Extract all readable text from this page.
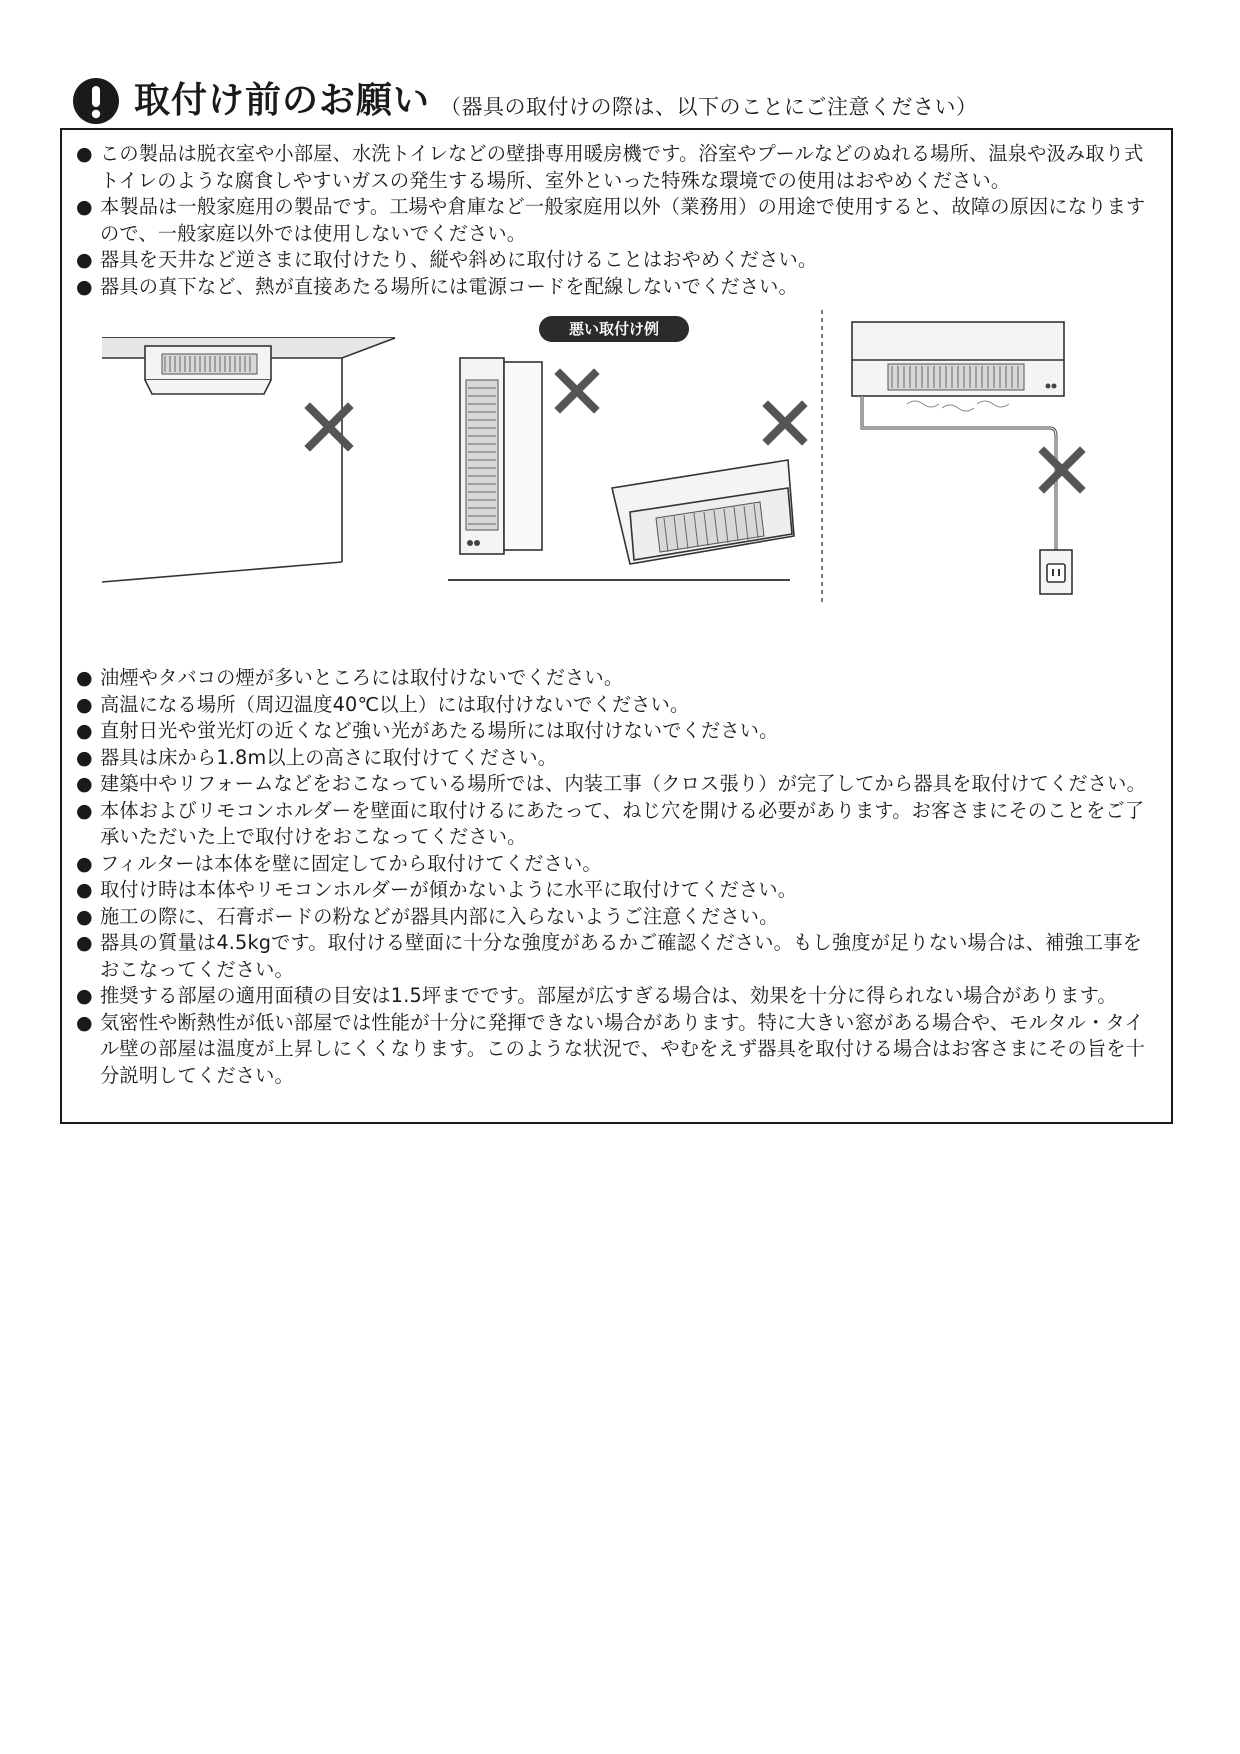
取付け前のお願い （器具の取付けの際は、以下のことにご注意ください）
● この製品は脱衣室や小部屋、水洗トイレなどの壁掛専用暖房機です。浴室やプールなどのぬれる場所、温泉や汲み取り式トイレのような腐食しやすいガスの発生する場所、室外といった特殊な環境での使用はおやめください。
● 本製品は一般家庭用の製品です。工場や倉庫など一般家庭用以外（業務用）の用途で使用すると、故障の原因になりますので、一般家庭以外では使用しないでください。
● 器具を天井など逆さまに取付けたり、縦や斜めに取付けることはおやめください。
● 器具の真下など、熱が直接あたる場所には電源コードを配線しないでください。
悪い取付け例
● 油煙やタバコの煙が多いところには取付けないでください。
● 高温になる場所（周辺温度40℃以上）には取付けないでください。
● 直射日光や蛍光灯の近くなど強い光があたる場所には取付けないでください。
● 器具は床から1.8m以上の高さに取付けてください。
● 建築中やリフォームなどをおこなっている場所では、内装工事（クロス張り）が完了してから器具を取付けてください。
● 本体およびリモコンホルダーを壁面に取付けるにあたって、ねじ穴を開ける必要があります。お客さまにそのことをご了承いただいた上で取付けをおこなってください。
● フィルターは本体を壁に固定してから取付けてください。
● 取付け時は本体やリモコンホルダーが傾かないように水平に取付けてください。
● 施工の際に、石膏ボードの粉などが器具内部に入らないようご注意ください。
● 器具の質量は4.5kgです。取付ける壁面に十分な強度があるかご確認ください。もし強度が足りない場合は、補強工事をおこなってください。
● 推奨する部屋の適用面積の目安は1.5坪までです。部屋が広すぎる場合は、効果を十分に得られない場合があります。
● 気密性や断熱性が低い部屋では性能が十分に発揮できない場合があります。特に大きい窓がある場合や、モルタル・タイル壁の部屋は温度が上昇しにくくなります。このような状況で、やむをえず器具を取付ける場合はお客さまにその旨を十分説明してください。
